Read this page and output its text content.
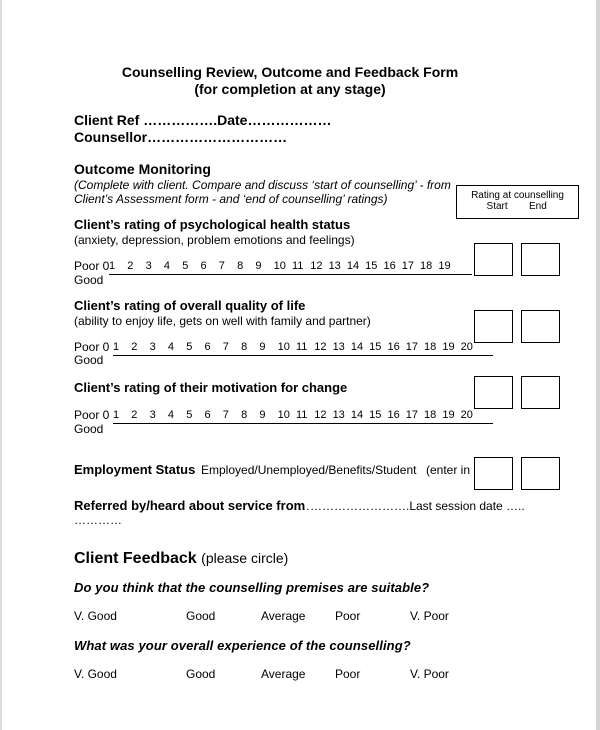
Counselling Review, Outcome and Feedback Form
(for completion at any stage)
Client Ref …………….Date………………
Counsellor…………………………
Outcome Monitoring
(Complete with client. Compare and discuss ‘start of counselling’ - from
Client’s Assessment form - and ‘end of counselling’ ratings)	Rating at counselling
Start End
Client’s rating of psychological health status
(anxiety, depression, problem emotions and feelings)
Poor 0 1	2	3	4	5	6	7	8	9	10 11 12 13 14 15 16 17 18 19
Good
Client’s rating of overall quality of life
(ability to enjoy life, gets on well with family and partner)
Poor 0 1	2	3	4	5	6	7	8	9	10 11 12 13 14 15 16 17 18 19 20
Good
Client’s rating of their motivation for change
Poor 0 1	2	3	4	5	6	7	8	9	10 11 12 13 14 15 16 17 18 19 20
Good
Employment Status Employed/Unemployed/Benefits/Student (enter in
Referred by/heard about service from
……………………….Last session date …..
…………
Client Feedback (please circle)
Do you think that the counselling premises are suitable?
V. Good	Good	Average Poor	V. Poor
What was your overall experience of the counselling?
V. Good	Good	Average Poor	V. Poor
